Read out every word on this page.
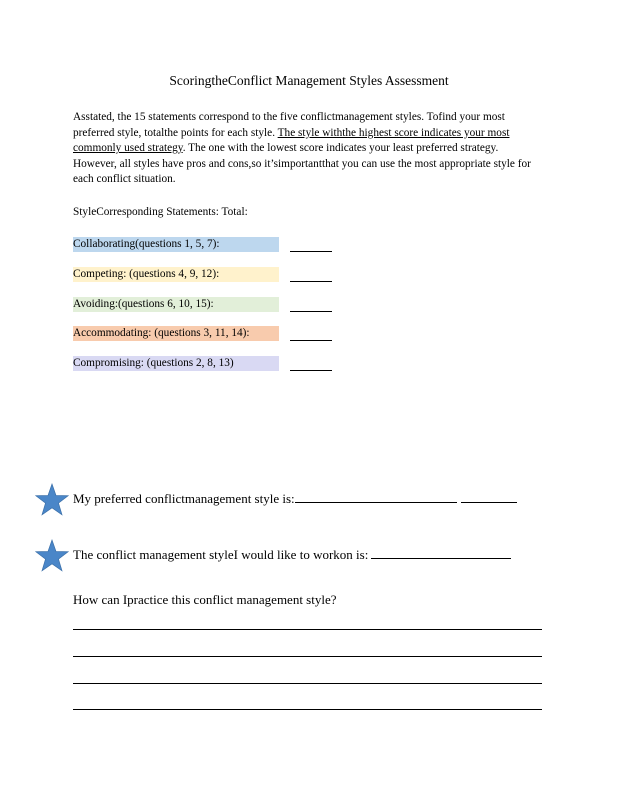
ScoringtheConflict Management Styles Assessment
Asstated, the 15 statements correspond to the five conflictmanagement styles. Tofind your most preferred style, totalthe points for each style. The style withthe highest score indicates your most commonly used strategy. The one with the lowest score indicates your least preferred strategy. However, all styles have pros and cons,so it’simportantthat you can use the most appropriate style for each conflict situation.
StyleCorresponding Statements: Total:
Collaborating(questions 1, 5, 7):
Competing: (questions 4, 9, 12):
Avoiding:(questions 6, 10, 15):
Accommodating: (questions 3, 11, 14):
Compromising: (questions 2, 8, 13)
My preferred conflictmanagement style is:
The conflict management styleI would like to workon is:
How can Ipractice this conflict management style?
